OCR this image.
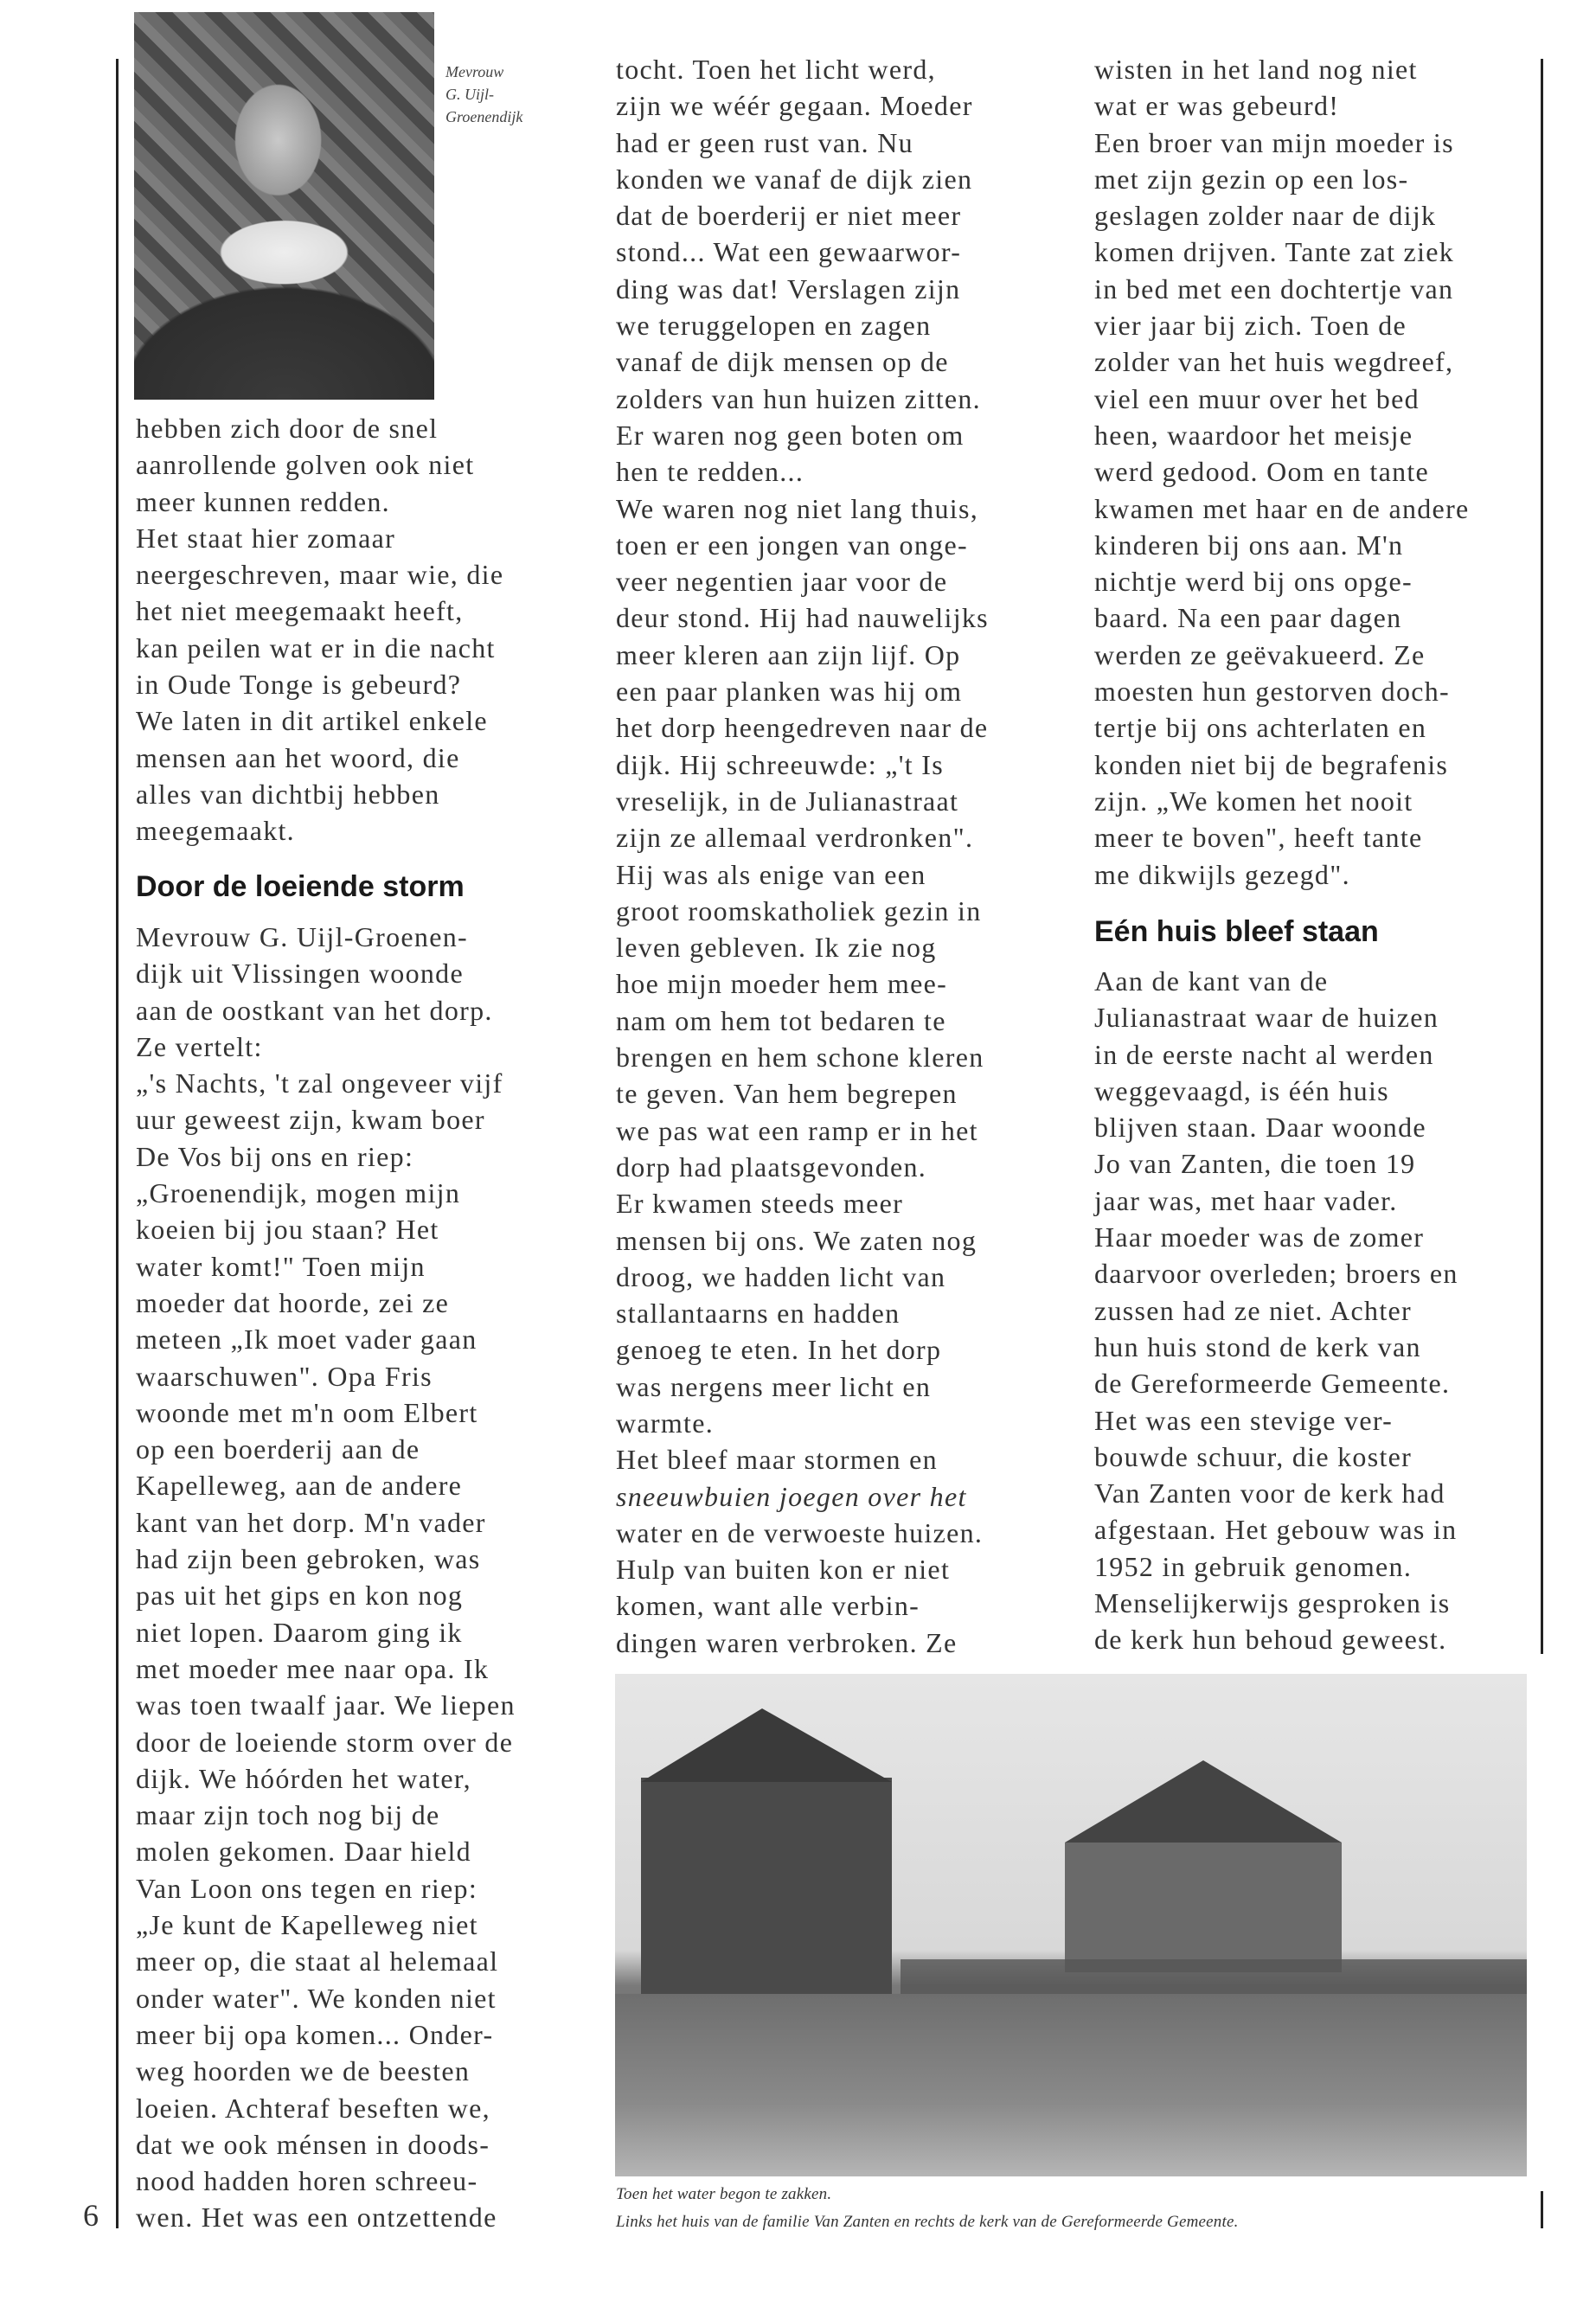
Mevrouw
G. Uijl-
Groenendijk
hebben zich door de snel
aanrollende golven ook niet
meer kunnen redden.
Het staat hier zomaar
neergeschreven, maar wie, die
het niet meegemaakt heeft,
kan peilen wat er in die nacht
in Oude Tonge is gebeurd?
We laten in dit artikel enkele
mensen aan het woord, die
alles van dichtbij hebben
meegemaakt.
Door de loeiende storm
Mevrouw G. Uijl-Groenen-
dijk uit Vlissingen woonde
aan de oostkant van het dorp.
Ze vertelt:
„'s Nachts, 't zal ongeveer vijf
uur geweest zijn, kwam boer
De Vos bij ons en riep:
„Groenendijk, mogen mijn
koeien bij jou staan? Het
water komt!" Toen mijn
moeder dat hoorde, zei ze
meteen „Ik moet vader gaan
waarschuwen". Opa Fris
woonde met m'n oom Elbert
op een boerderij aan de
Kapelleweg, aan de andere
kant van het dorp. M'n vader
had zijn been gebroken, was
pas uit het gips en kon nog
niet lopen. Daarom ging ik
met moeder mee naar opa. Ik
was toen twaalf jaar. We liepen
door de loeiende storm over de
dijk. We hóórden het water,
maar zijn toch nog bij de
molen gekomen. Daar hield
Van Loon ons tegen en riep:
„Je kunt de Kapelleweg niet
meer op, die staat al helemaal
onder water". We konden niet
meer bij opa komen... Onder-
weg hoorden we de beesten
loeien. Achteraf beseften we,
dat we ook ménsen in doods-
nood hadden horen schreeu-
wen. Het was een ontzettende
tocht. Toen het licht werd,
zijn we wéér gegaan. Moeder
had er geen rust van. Nu
konden we vanaf de dijk zien
dat de boerderij er niet meer
stond... Wat een gewaarwor-
ding was dat! Verslagen zijn
we teruggelopen en zagen
vanaf de dijk mensen op de
zolders van hun huizen zitten.
Er waren nog geen boten om
hen te redden...
We waren nog niet lang thuis,
toen er een jongen van onge-
veer negentien jaar voor de
deur stond. Hij had nauwelijks
meer kleren aan zijn lijf. Op
een paar planken was hij om
het dorp heengedreven naar de
dijk. Hij schreeuwde: „'t Is
vreselijk, in de Julianastraat
zijn ze allemaal verdronken".
Hij was als enige van een
groot roomskatholiek gezin in
leven gebleven. Ik zie nog
hoe mijn moeder hem mee-
nam om hem tot bedaren te
brengen en hem schone kleren
te geven. Van hem begrepen
we pas wat een ramp er in het
dorp had plaatsgevonden.
Er kwamen steeds meer
mensen bij ons. We zaten nog
droog, we hadden licht van
stallantaarns en hadden
genoeg te eten. In het dorp
was nergens meer licht en
warmte.
Het bleef maar stormen en
sneeuwbuien joegen over het
water en de verwoeste huizen.
Hulp van buiten kon er niet
komen, want alle verbin-
dingen waren verbroken. Ze
wisten in het land nog niet
wat er was gebeurd!
Een broer van mijn moeder is
met zijn gezin op een los-
geslagen zolder naar de dijk
komen drijven. Tante zat ziek
in bed met een dochtertje van
vier jaar bij zich. Toen de
zolder van het huis wegdreef,
viel een muur over het bed
heen, waardoor het meisje
werd gedood. Oom en tante
kwamen met haar en de andere
kinderen bij ons aan. M'n
nichtje werd bij ons opge-
baard. Na een paar dagen
werden ze geëvakueerd. Ze
moesten hun gestorven doch-
tertje bij ons achterlaten en
konden niet bij de begrafenis
zijn. „We komen het nooit
meer te boven", heeft tante
me dikwijls gezegd".
Eén huis bleef staan
Aan de kant van de
Julianastraat waar de huizen
in de eerste nacht al werden
weggevaagd, is één huis
blijven staan. Daar woonde
Jo van Zanten, die toen 19
jaar was, met haar vader.
Haar moeder was de zomer
daarvoor overleden; broers en
zussen had ze niet. Achter
hun huis stond de kerk van
de Gereformeerde Gemeente.
Het was een stevige ver-
bouwde schuur, die koster
Van Zanten voor de kerk had
afgestaan. Het gebouw was in
1952 in gebruik genomen.
Menselijkerwijs gesproken is
de kerk hun behoud geweest.
Toen het water begon te zakken.
Links het huis van de familie Van Zanten en rechts de kerk van de Gereformeerde Gemeente.
6
